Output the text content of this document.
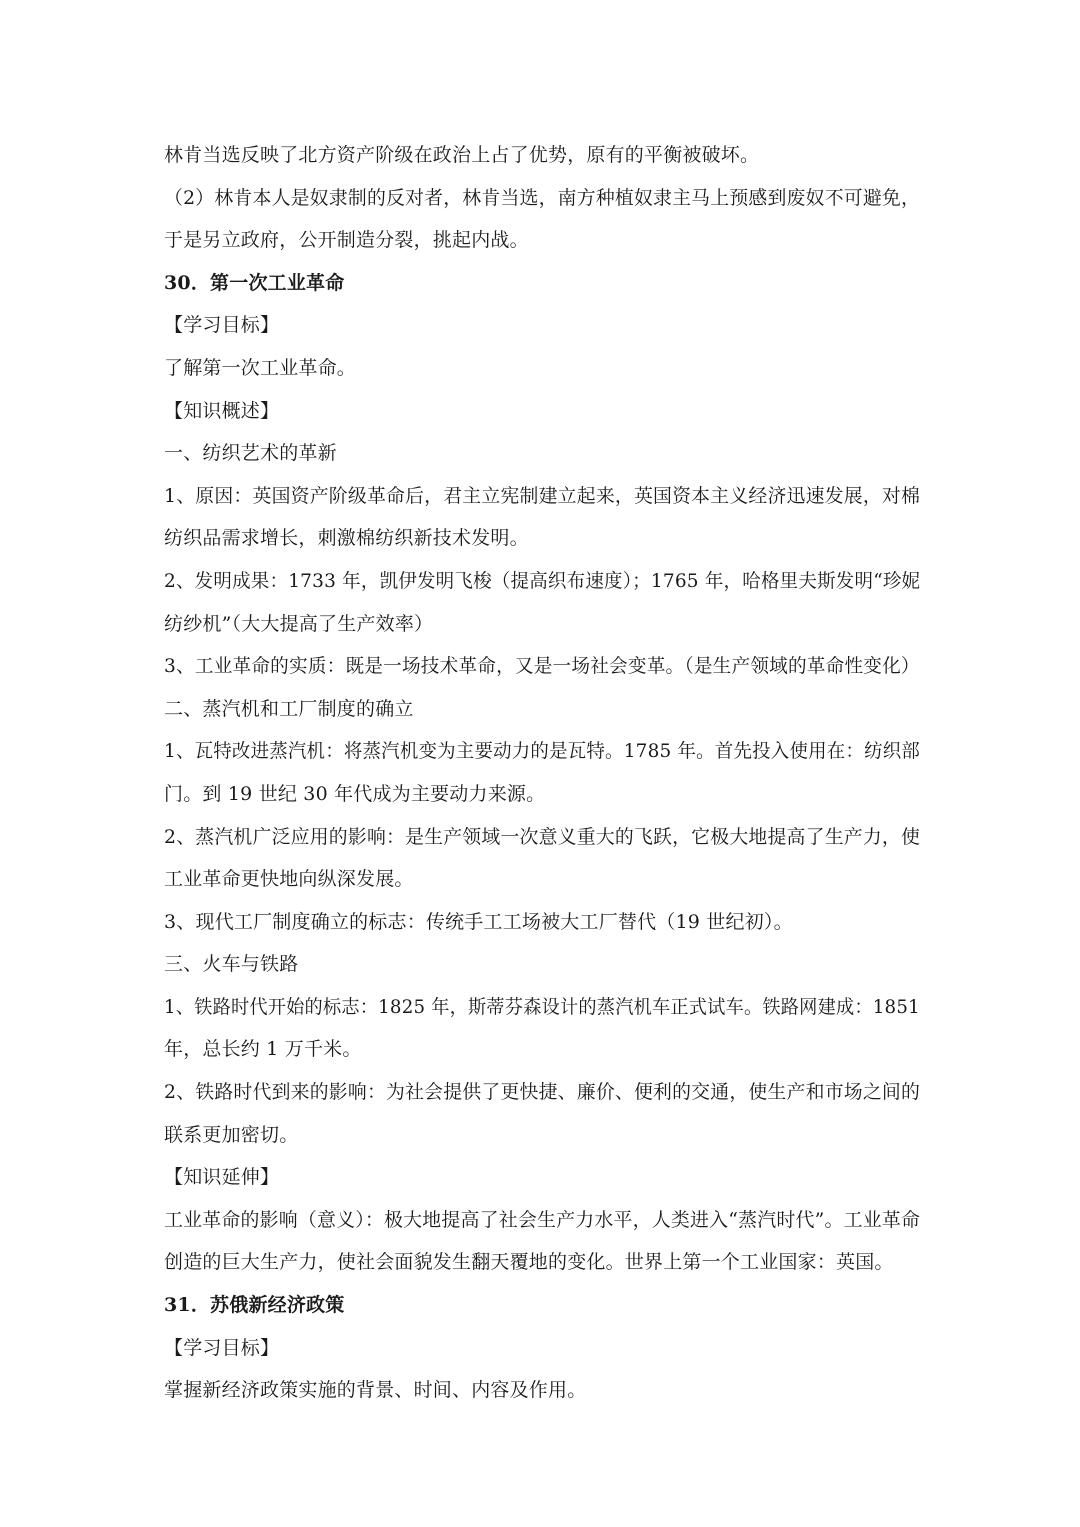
林肯当选反映了北方资产阶级在政治上占了优势，原有的平衡被破坏。
（2）林肯本人是奴隶制的反对者，林肯当选，南方种植奴隶主马上预感到废奴不可避免，
于是另立政府，公开制造分裂，挑起内战。
30．第一次工业革命
【学习目标】
了解第一次工业革命。
【知识概述】
一、纺织艺术的革新
1、原因：英国资产阶级革命后，君主立宪制建立起来，英国资本主义经济迅速发展，对棉
纺织品需求增长，刺激棉纺织新技术发明。
2、发明成果：1733 年，凯伊发明飞梭（提高织布速度）；1765 年，哈格里夫斯发明“珍妮
纺纱机”（大大提高了生产效率）
3、工业革命的实质：既是一场技术革命，又是一场社会变革。（是生产领域的革命性变化）
二、蒸汽机和工厂制度的确立
1、瓦特改进蒸汽机：将蒸汽机变为主要动力的是瓦特。1785 年。首先投入使用在：纺织部
门。到 19 世纪 30 年代成为主要动力来源。
2、蒸汽机广泛应用的影响：是生产领域一次意义重大的飞跃，它极大地提高了生产力，使
工业革命更快地向纵深发展。
3、现代工厂制度确立的标志：传统手工工场被大工厂替代（19 世纪初）。
三、火车与铁路
1、铁路时代开始的标志：1825 年，斯蒂芬森设计的蒸汽机车正式试车。铁路网建成：1851
年，总长约 1 万千米。
2、铁路时代到来的影响：为社会提供了更快捷、廉价、便利的交通，使生产和市场之间的
联系更加密切。
【知识延伸】
工业革命的影响（意义）：极大地提高了社会生产力水平，人类进入“蒸汽时代”。工业革命
创造的巨大生产力，使社会面貌发生翻天覆地的变化。世界上第一个工业国家：英国。
31．苏俄新经济政策
【学习目标】
掌握新经济政策实施的背景、时间、内容及作用。
